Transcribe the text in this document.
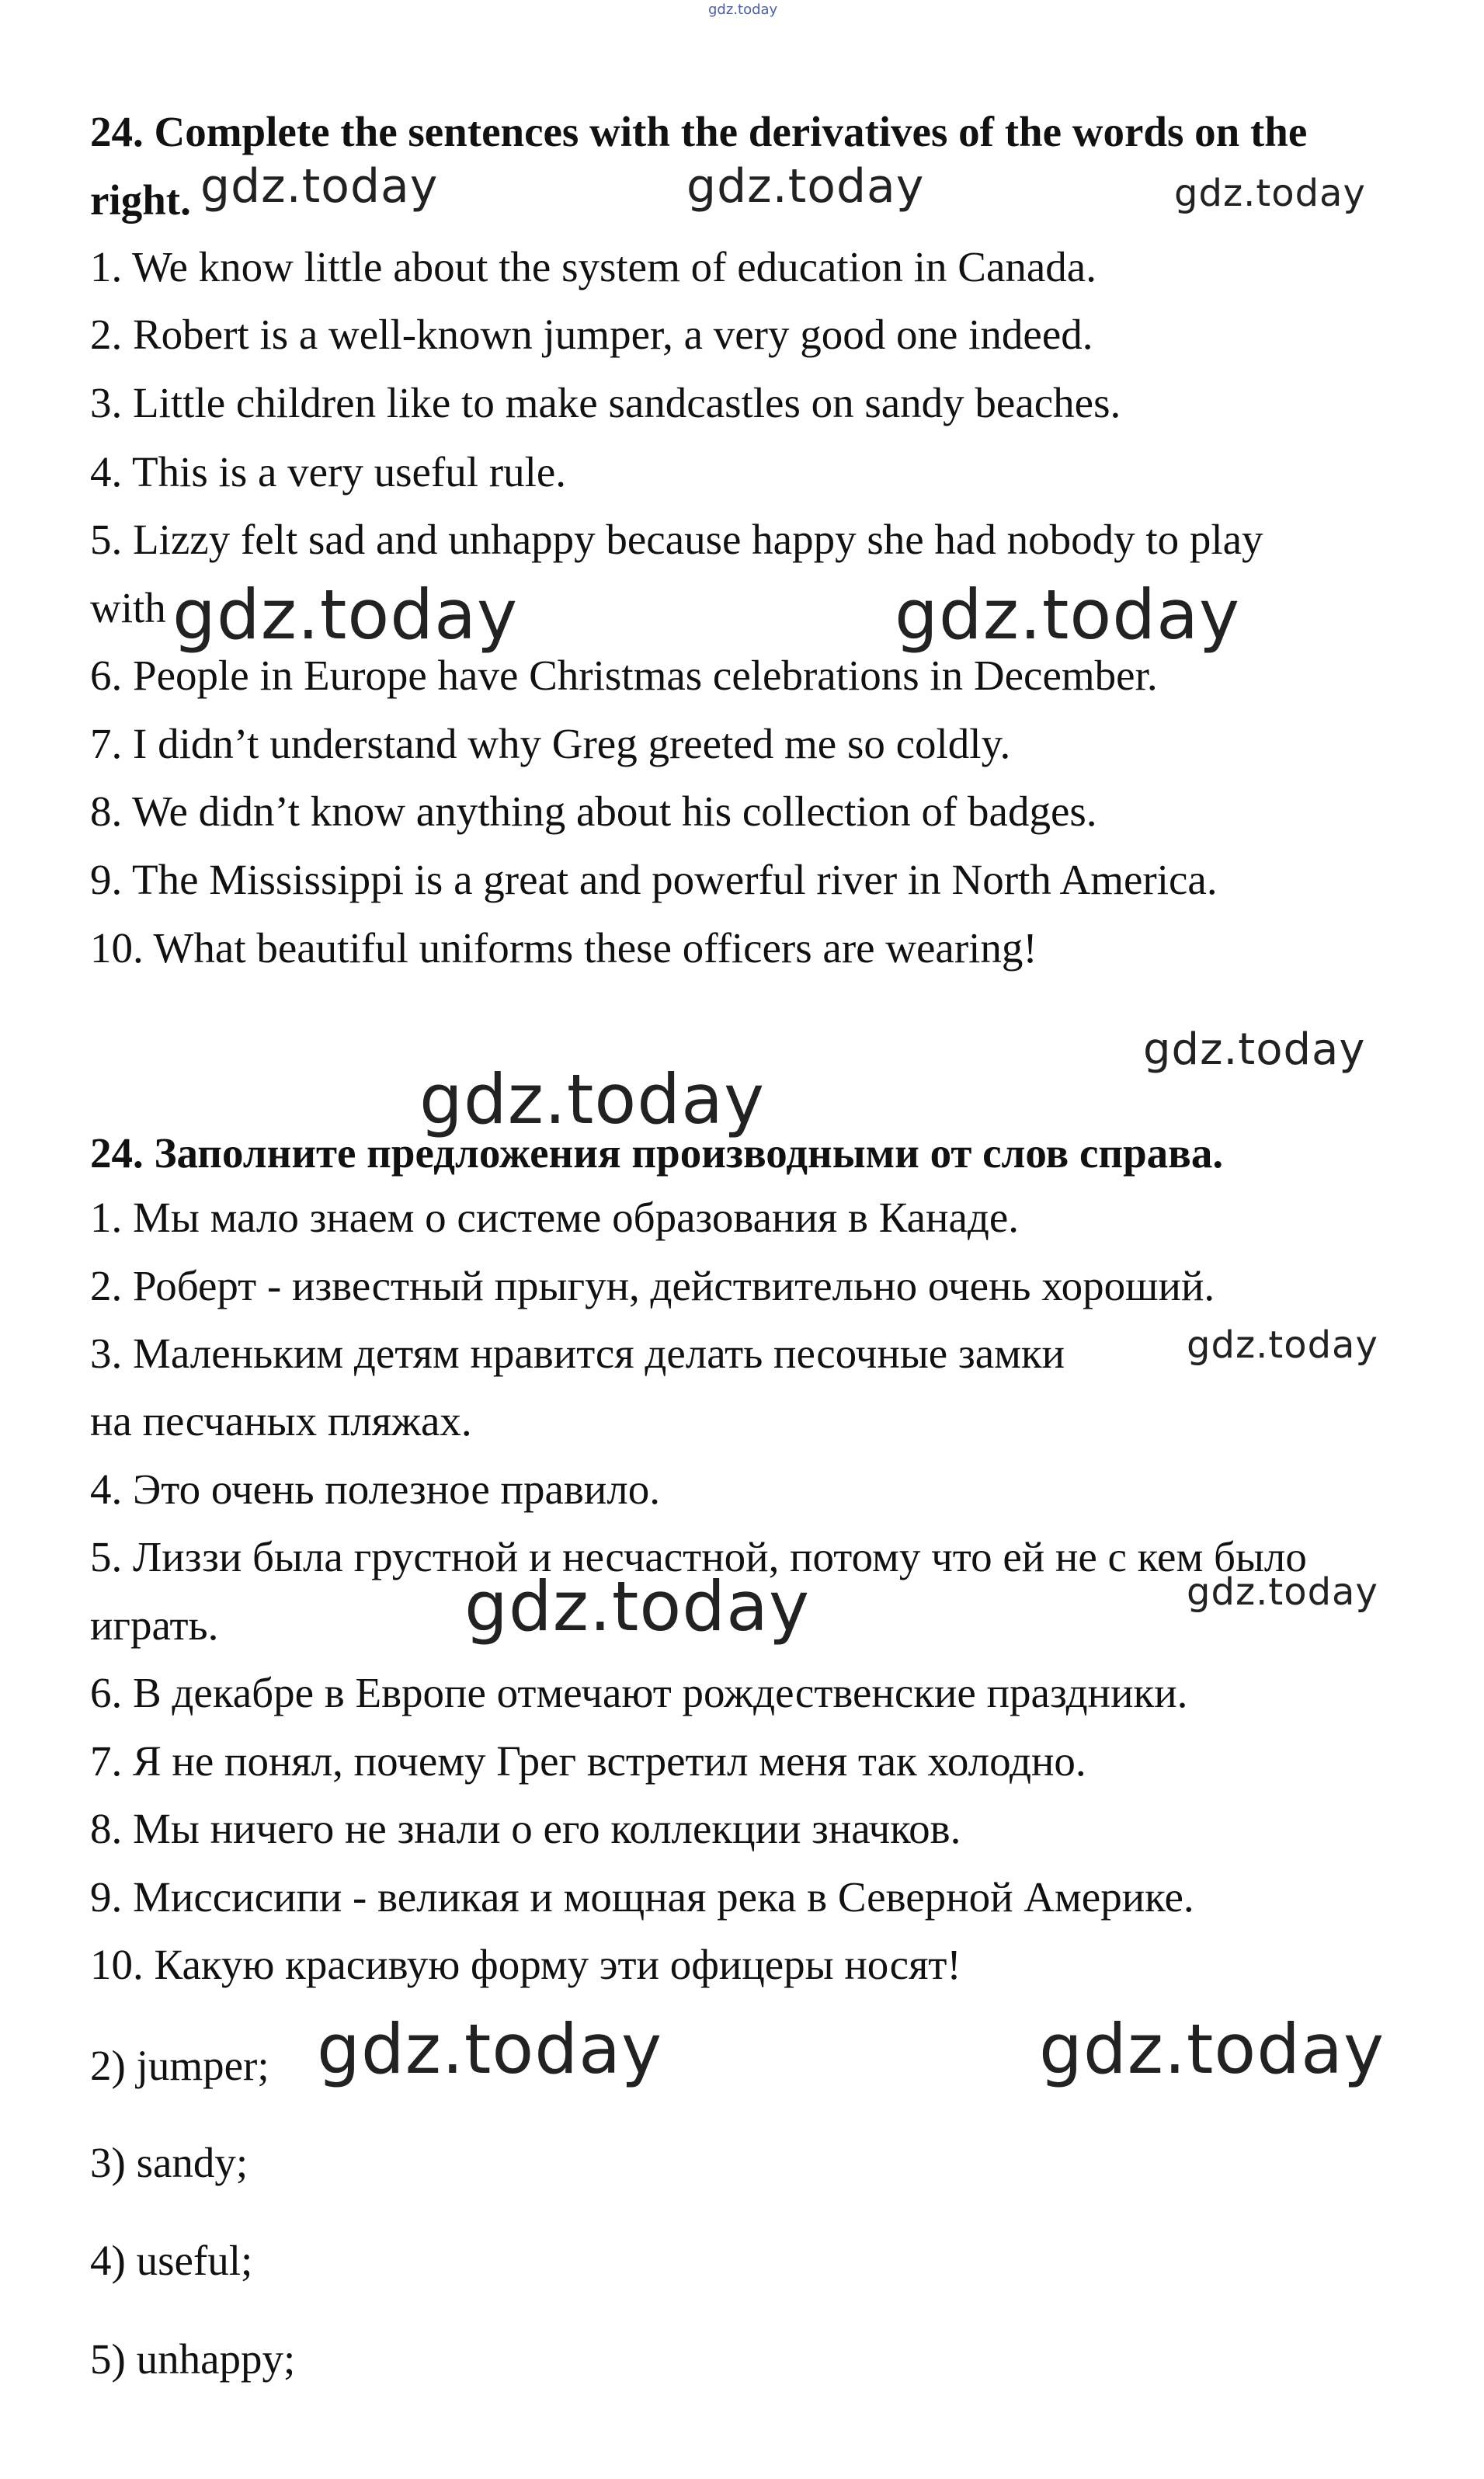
gdz.today
24. Complete the sentences with the derivatives of the words on the
right.
1. We know little about the system of education in Canada.
2. Robert is a well-known jumper, a very good one indeed.
3. Little children like to make sandcastles on sandy beaches.
4. This is a very useful rule.
5. Lizzy felt sad and unhappy because happy she had nobody to play
with
6. People in Europe have Christmas celebrations in December.
7. I didn’t understand why Greg greeted me so coldly.
8. We didn’t know anything about his collection of badges.
9. The Mississippi is a great and powerful river in North America.
10. What beautiful uniforms these officers are wearing!
24. Заполните предложения производными от слов справа.
1. Мы мало знаем о системе образования в Канаде.
2. Роберт - известный прыгун, действительно очень хороший.
3. Маленьким детям нравится делать песочные замки
на песчаных пляжах.
4. Это очень полезное правило.
5. Лиззи была грустной и несчастной, потому что ей не с кем было
играть.
6. В декабре в Европе отмечают рождественские праздники.
7. Я не понял, почему Грег встретил меня так холодно.
8. Мы ничего не знали о его коллекции значков.
9. Миссисипи - великая и мощная река в Северной Америке.
10. Какую красивую форму эти офицеры носят!
2) jumper;
3) sandy;
4) useful;
5) unhappy;
gdz.today	gdz.today	gdz.today
gdz.today	gdz.today
gdz.today
gdz.today
gdz.today
gdz.today	gdz.today
gdz.today	gdz.today
